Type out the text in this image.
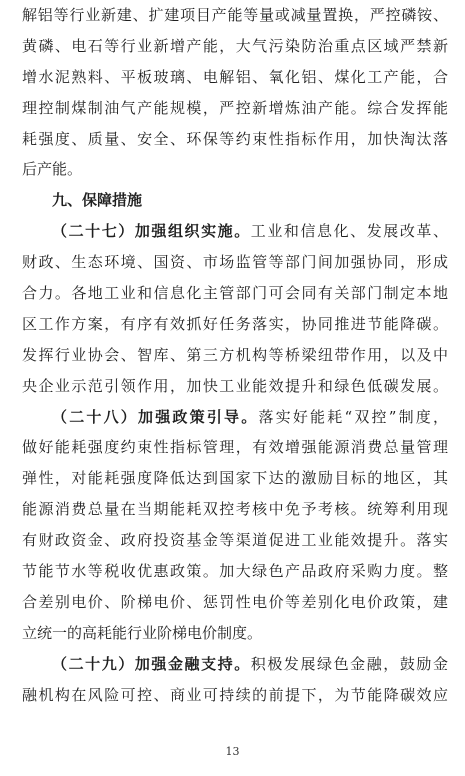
解铝等行业新建、扩建项目产能等量或减量置换，严控磷铵、
黄磷、电石等行业新增产能，大气污染防治重点区域严禁新
增水泥熟料、平板玻璃、电解铝、氧化铝、煤化工产能，合
理控制煤制油气产能规模，严控新增炼油产能。综合发挥能
耗强度、质量、安全、环保等约束性指标作用，加快淘汰落
后产能。
九、保障措施
（二十七）加强组织实施。工业和信息化、发展改革、
财政、生态环境、国资、市场监管等部门间加强协同，形成
合力。各地工业和信息化主管部门可会同有关部门制定本地
区工作方案，有序有效抓好任务落实，协同推进节能降碳。
发挥行业协会、智库、第三方机构等桥梁纽带作用，以及中
央企业示范引领作用，加快工业能效提升和绿色低碳发展。
（二十八）加强政策引导。落实好能耗“双控”制度，
做好能耗强度约束性指标管理，有效增强能源消费总量管理
弹性，对能耗强度降低达到国家下达的激励目标的地区，其
能源消费总量在当期能耗双控考核中免予考核。统筹利用现
有财政资金、政府投资基金等渠道促进工业能效提升。落实
节能节水等税收优惠政策。加大绿色产品政府采购力度。整
合差别电价、阶梯电价、惩罚性电价等差别化电价政策，建
立统一的高耗能行业阶梯电价制度。
（二十九）加强金融支持。积极发展绿色金融，鼓励金
融机构在风险可控、商业可持续的前提下，为节能降碳效应
13
